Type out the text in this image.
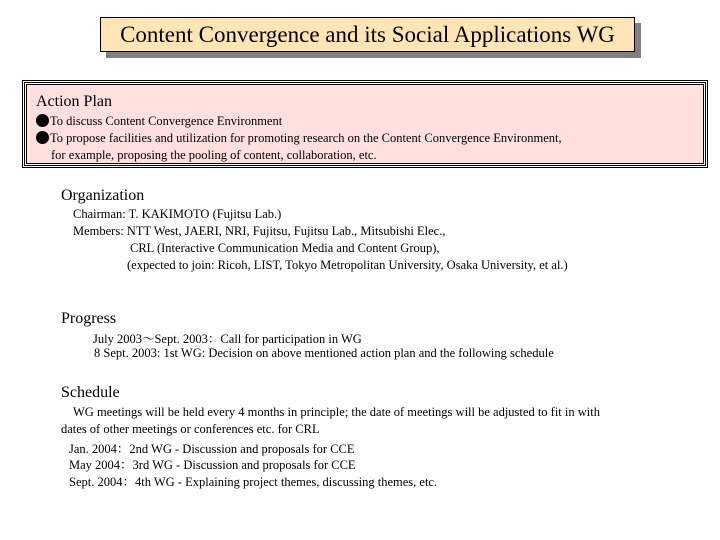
Content Convergence and its Social Applications WG
Action Plan
To discuss Content Convergence Environment
To propose facilities and utilization for promoting research on the Content Convergence Environment,
for example, proposing the pooling of content, collaboration, etc.
Organization
Chairman: T. KAKIMOTO (Fujitsu Lab.)
Members: NTT West, JAERI, NRI, Fujitsu, Fujitsu Lab., Mitsubishi Elec.,
CRL (Interactive Communication Media and Content Group),
(expected to join: Ricoh, LIST, Tokyo Metropolitan University, Osaka University, et al.)
Progress
July 2003～Sept. 2003：Call for participation in WG
8 Sept. 2003: 1st WG: Decision on above mentioned action plan and the following schedule
Schedule
WG meetings will be held every 4 months in principle; the date of meetings will be adjusted to fit in with
dates of other meetings or conferences etc. for CRL
Jan. 2004：2nd WG - Discussion and proposals for CCE
May 2004：3rd WG - Discussion and proposals for CCE
Sept. 2004：4th WG - Explaining project themes, discussing themes, etc.
